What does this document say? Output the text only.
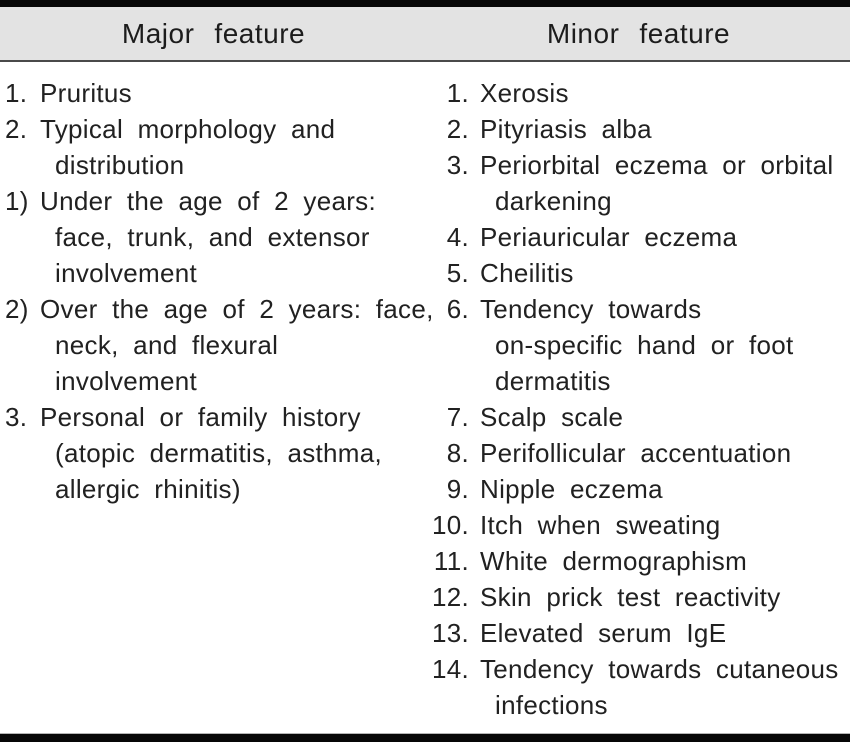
Major feature	Minor feature
1. Pruritus
2. Typical morphology and
distribution
1) Under the age of 2 years:
face, trunk, and extensor
involvement
2) Over the age of 2 years: face,
neck, and flexural
involvement
3. Personal or family history
(atopic dermatitis, asthma,
allergic rhinitis)
1. Xerosis
2. Pityriasis alba
3. Periorbital eczema or orbital
darkening
4. Periauricular eczema
5. Cheilitis
6. Tendency towards
on-specific hand or foot
dermatitis
7. Scalp scale
8. Perifollicular accentuation
9. Nipple eczema
10. Itch when sweating
11. White dermographism
12. Skin prick test reactivity
13. Elevated serum IgE
14. Tendency towards cutaneous
infections
